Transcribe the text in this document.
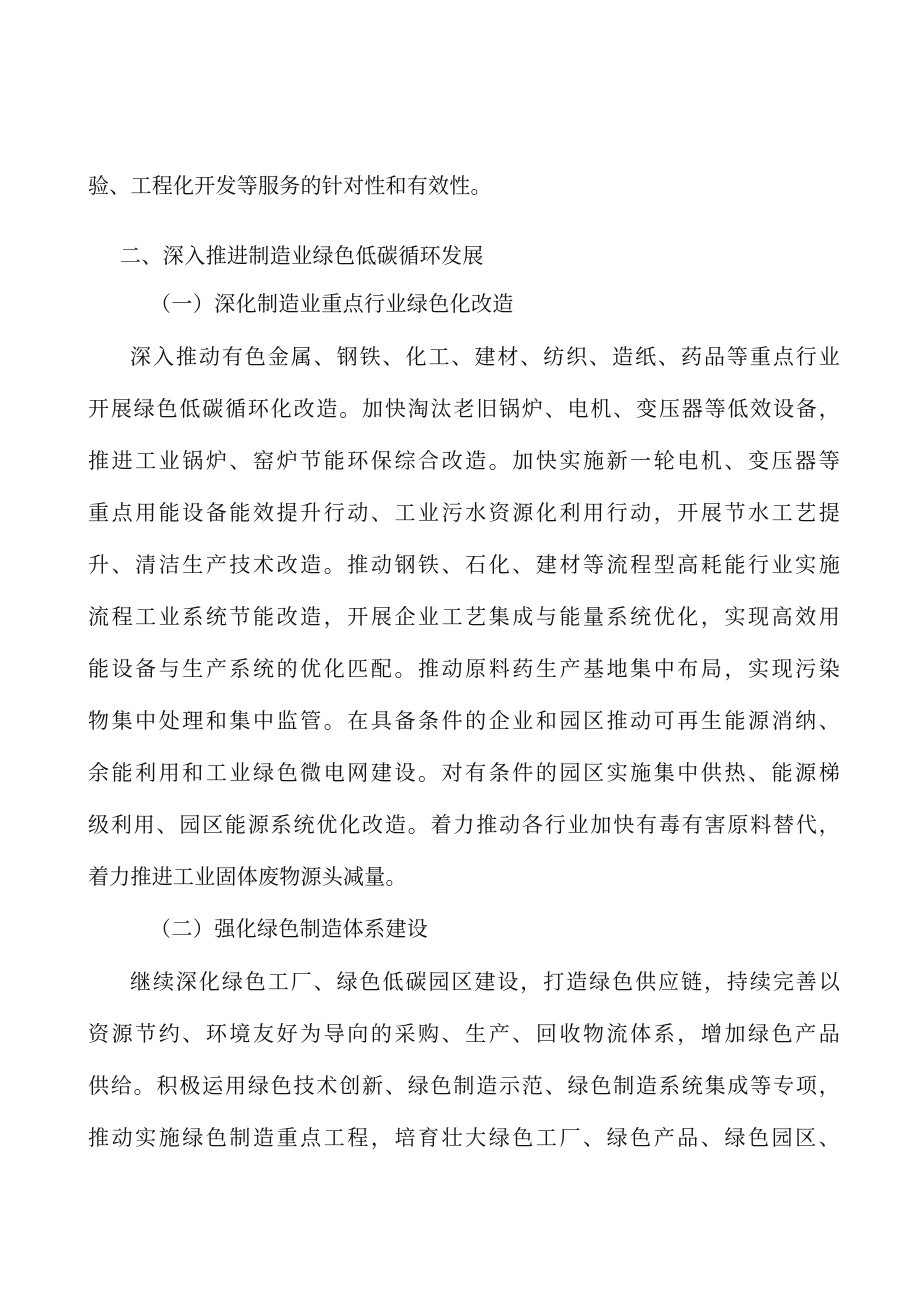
验、工程化开发等服务的针对性和有效性。
二、深入推进制造业绿色低碳循环发展
（一）深化制造业重点行业绿色化改造
深入推动有色金属、钢铁、化工、建材、纺织、造纸、药品等重点行业
开展绿色低碳循环化改造。加快淘汰老旧锅炉、电机、变压器等低效设备，
推进工业锅炉、窑炉节能环保综合改造。加快实施新一轮电机、变压器等
重点用能设备能效提升行动、工业污水资源化利用行动，开展节水工艺提
升、清洁生产技术改造。推动钢铁、石化、建材等流程型高耗能行业实施
流程工业系统节能改造，开展企业工艺集成与能量系统优化，实现高效用
能设备与生产系统的优化匹配。推动原料药生产基地集中布局，实现污染
物集中处理和集中监管。在具备条件的企业和园区推动可再生能源消纳、
余能利用和工业绿色微电网建设。对有条件的园区实施集中供热、能源梯
级利用、园区能源系统优化改造。着力推动各行业加快有毒有害原料替代，
着力推进工业固体废物源头减量。
（二）强化绿色制造体系建设
继续深化绿色工厂、绿色低碳园区建设，打造绿色供应链，持续完善以
资源节约、环境友好为导向的采购、生产、回收物流体系，增加绿色产品
供给。积极运用绿色技术创新、绿色制造示范、绿色制造系统集成等专项，
推动实施绿色制造重点工程，培育壮大绿色工厂、绿色产品、绿色园区、
